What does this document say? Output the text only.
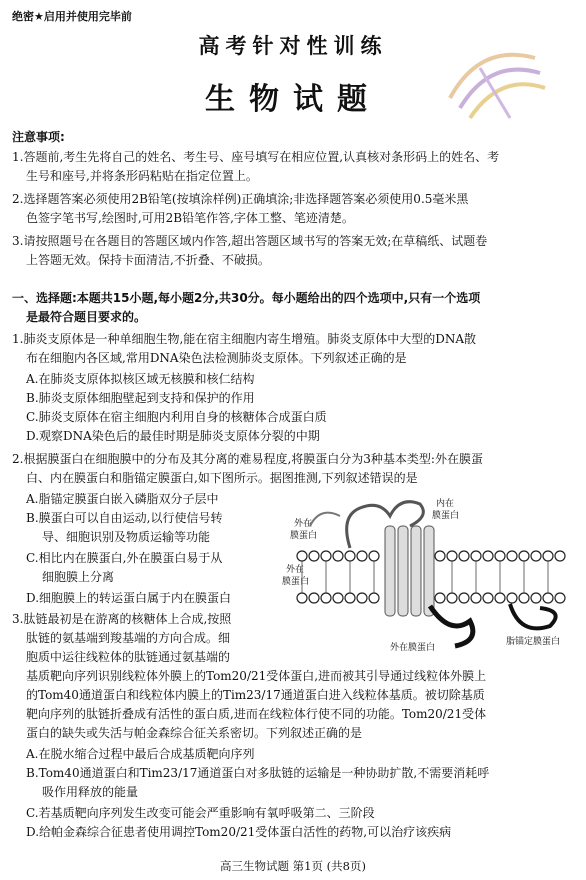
绝密★启用并使用完毕前
高考针对性训练
生物试题
注意事项:
1.答题前,考生先将自己的姓名、考生号、座号填写在相应位置,认真核对条形码上的姓名、考
生号和座号,并将条形码粘贴在指定位置上。
2.选择题答案必须使用2B铅笔(按填涂样例)正确填涂;非选择题答案必须使用0.5毫米黑
色签字笔书写,绘图时,可用2B铅笔作答,字体工整、笔迹清楚。
3.请按照题号在各题目的答题区域内作答,超出答题区域书写的答案无效;在草稿纸、试题卷
上答题无效。保持卡面清洁,不折叠、不破损。
一、选择题:本题共15小题,每小题2分,共30分。每小题给出的四个选项中,只有一个选项
是最符合题目要求的。
1.肺炎支原体是一种单细胞生物,能在宿主细胞内寄生增殖。肺炎支原体中大型的DNA散
布在细胞内各区域,常用DNA染色法检测肺炎支原体。下列叙述正确的是
A.在肺炎支原体拟核区域无核膜和核仁结构
B.肺炎支原体细胞壁起到支持和保护的作用
C.肺炎支原体在宿主细胞内利用自身的核糖体合成蛋白质
D.观察DNA染色后的最佳时期是肺炎支原体分裂的中期
2.根据膜蛋白在细胞膜中的分布及其分离的难易程度,将膜蛋白分为3种基本类型:外在膜蛋
白、内在膜蛋白和脂锚定膜蛋白,如下图所示。据图推测,下列叙述错误的是
A.脂锚定膜蛋白嵌入磷脂双分子层中
B.膜蛋白可以自由运动,以行使信号转
导、细胞识别及物质运输等功能
C.相比内在膜蛋白,外在膜蛋白易于从
细胞膜上分离
D.细胞膜上的转运蛋白属于内在膜蛋白
外在
膜蛋白
内在
膜蛋白
外在
膜蛋白
外在膜蛋白
脂锚定膜蛋白
3.肽链最初是在游离的核糖体上合成,按照
肽链的氨基端到羧基端的方向合成。细
胞质中运往线粒体的肽链通过氨基端的
基质靶向序列识别线粒体外膜上的Tom20/21受体蛋白,进而被其引导通过线粒体外膜上
的Tom40通道蛋白和线粒体内膜上的Tim23/17通道蛋白进入线粒体基质。被切除基质
靶向序列的肽链折叠成有活性的蛋白质,进而在线粒体行使不同的功能。Tom20/21受体
蛋白的缺失或失活与帕金森综合征关系密切。下列叙述正确的是
A.在脱水缩合过程中最后合成基质靶向序列
B.Tom40通道蛋白和Tim23/17通道蛋白对多肽链的运输是一种协助扩散,不需要消耗呼
吸作用释放的能量
C.若基质靶向序列发生改变可能会严重影响有氧呼吸第二、三阶段
D.给帕金森综合征患者使用调控Tom20/21受体蛋白活性的药物,可以治疗该疾病
高三生物试题 第1页 (共8页)
